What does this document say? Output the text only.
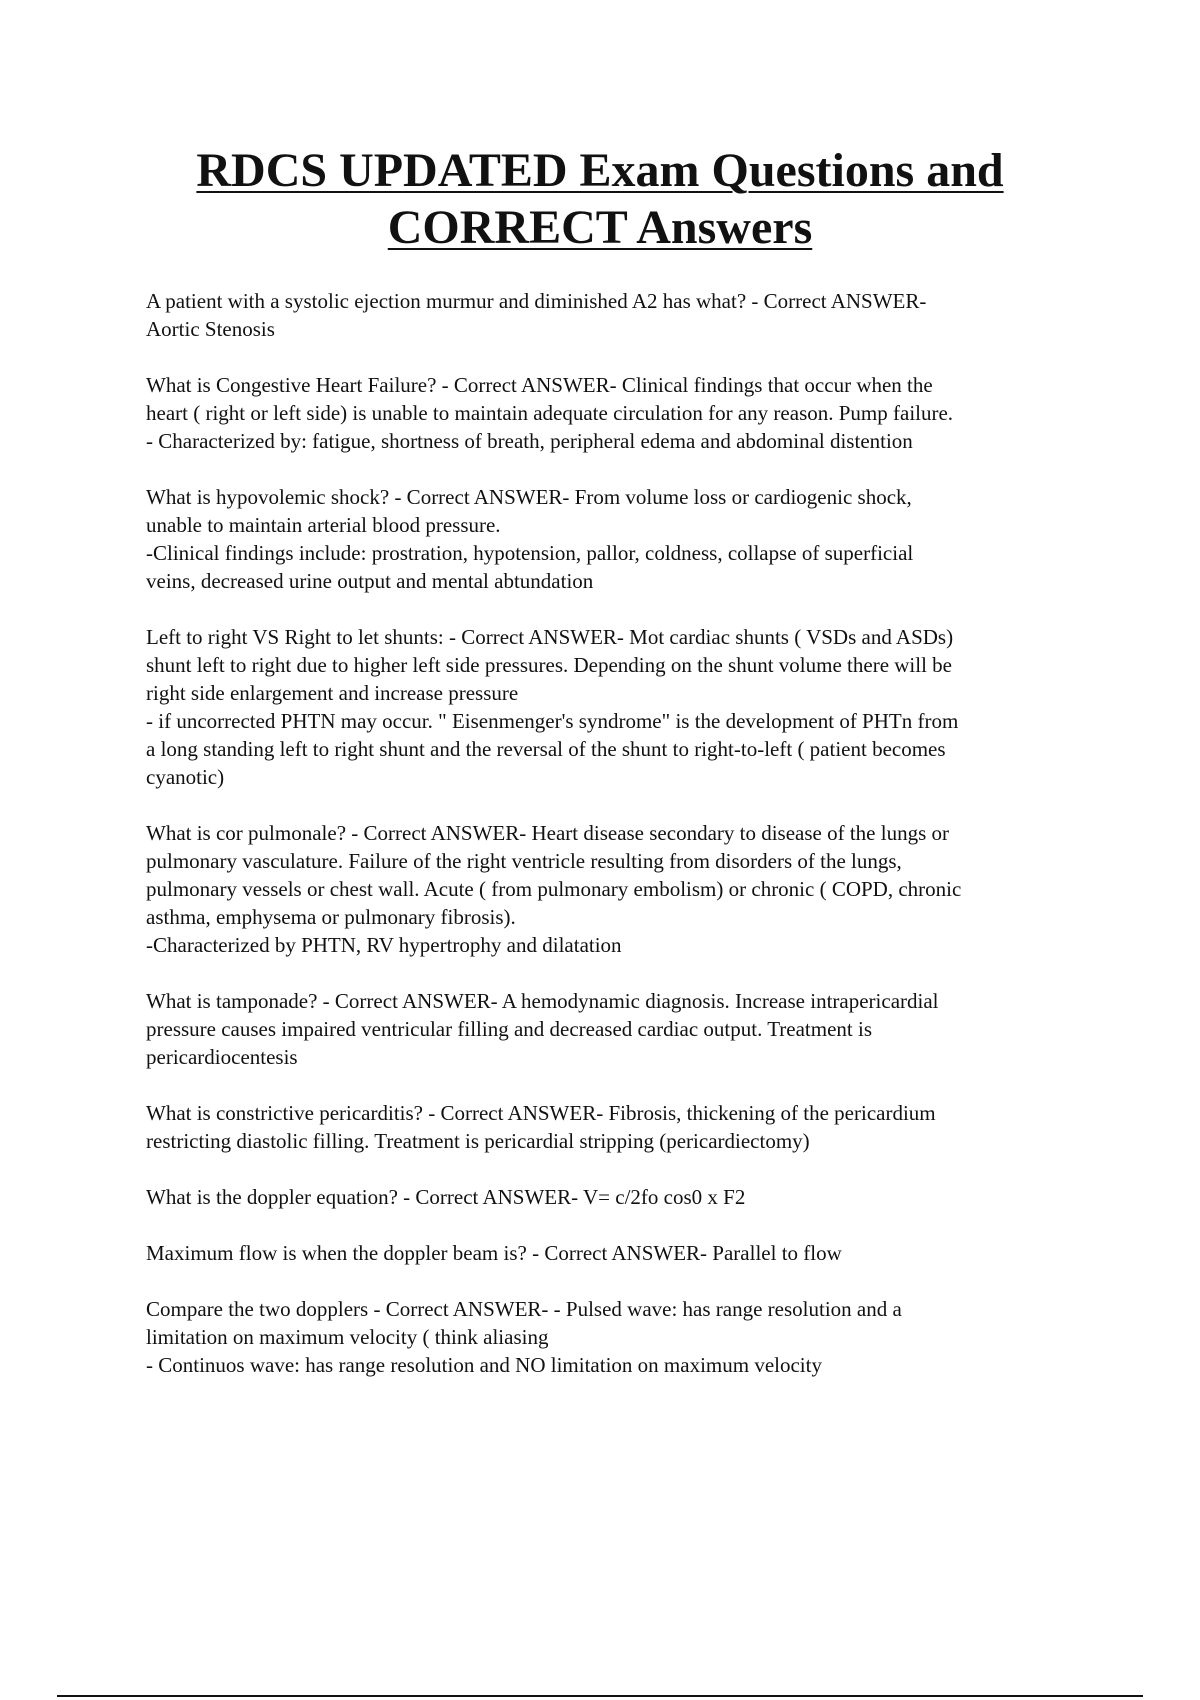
RDCS UPDATED Exam Questions and
CORRECT Answers

A patient with a systolic ejection murmur and diminished A2 has what? - Correct ANSWER-
Aortic Stenosis

What is Congestive Heart Failure? - Correct ANSWER- Clinical findings that occur when the
heart ( right or left side) is unable to maintain adequate circulation for any reason. Pump failure.
- Characterized by: fatigue, shortness of breath, peripheral edema and abdominal distention

What is hypovolemic shock? - Correct ANSWER- From volume loss or cardiogenic shock,
unable to maintain arterial blood pressure.
-Clinical findings include: prostration, hypotension, pallor, coldness, collapse of superficial
veins, decreased urine output and mental abtundation

Left to right VS Right to let shunts: - Correct ANSWER- Mot cardiac shunts ( VSDs and ASDs)
shunt left to right due to higher left side pressures. Depending on the shunt volume there will be
right side enlargement and increase pressure
- if uncorrected PHTN may occur. " Eisenmenger's syndrome" is the development of PHTn from
a long standing left to right shunt and the reversal of the shunt to right-to-left ( patient becomes
cyanotic)

What is cor pulmonale? - Correct ANSWER- Heart disease secondary to disease of the lungs or
pulmonary vasculature. Failure of the right ventricle resulting from disorders of the lungs,
pulmonary vessels or chest wall. Acute ( from pulmonary embolism) or chronic ( COPD, chronic
asthma, emphysema or pulmonary fibrosis).
-Characterized by PHTN, RV hypertrophy and dilatation

What is tamponade? - Correct ANSWER- A hemodynamic diagnosis. Increase intrapericardial
pressure causes impaired ventricular filling and decreased cardiac output. Treatment is
pericardiocentesis

What is constrictive pericarditis? - Correct ANSWER- Fibrosis, thickening of the pericardium
restricting diastolic filling. Treatment is pericardial stripping (pericardiectomy)

What is the doppler equation? - Correct ANSWER- V= c/2fo cos0 x F2

Maximum flow is when the doppler beam is? - Correct ANSWER- Parallel to flow

Compare the two dopplers - Correct ANSWER- - Pulsed wave: has range resolution and a
limitation on maximum velocity ( think aliasing
- Continuos wave: has range resolution and NO limitation on maximum velocity
